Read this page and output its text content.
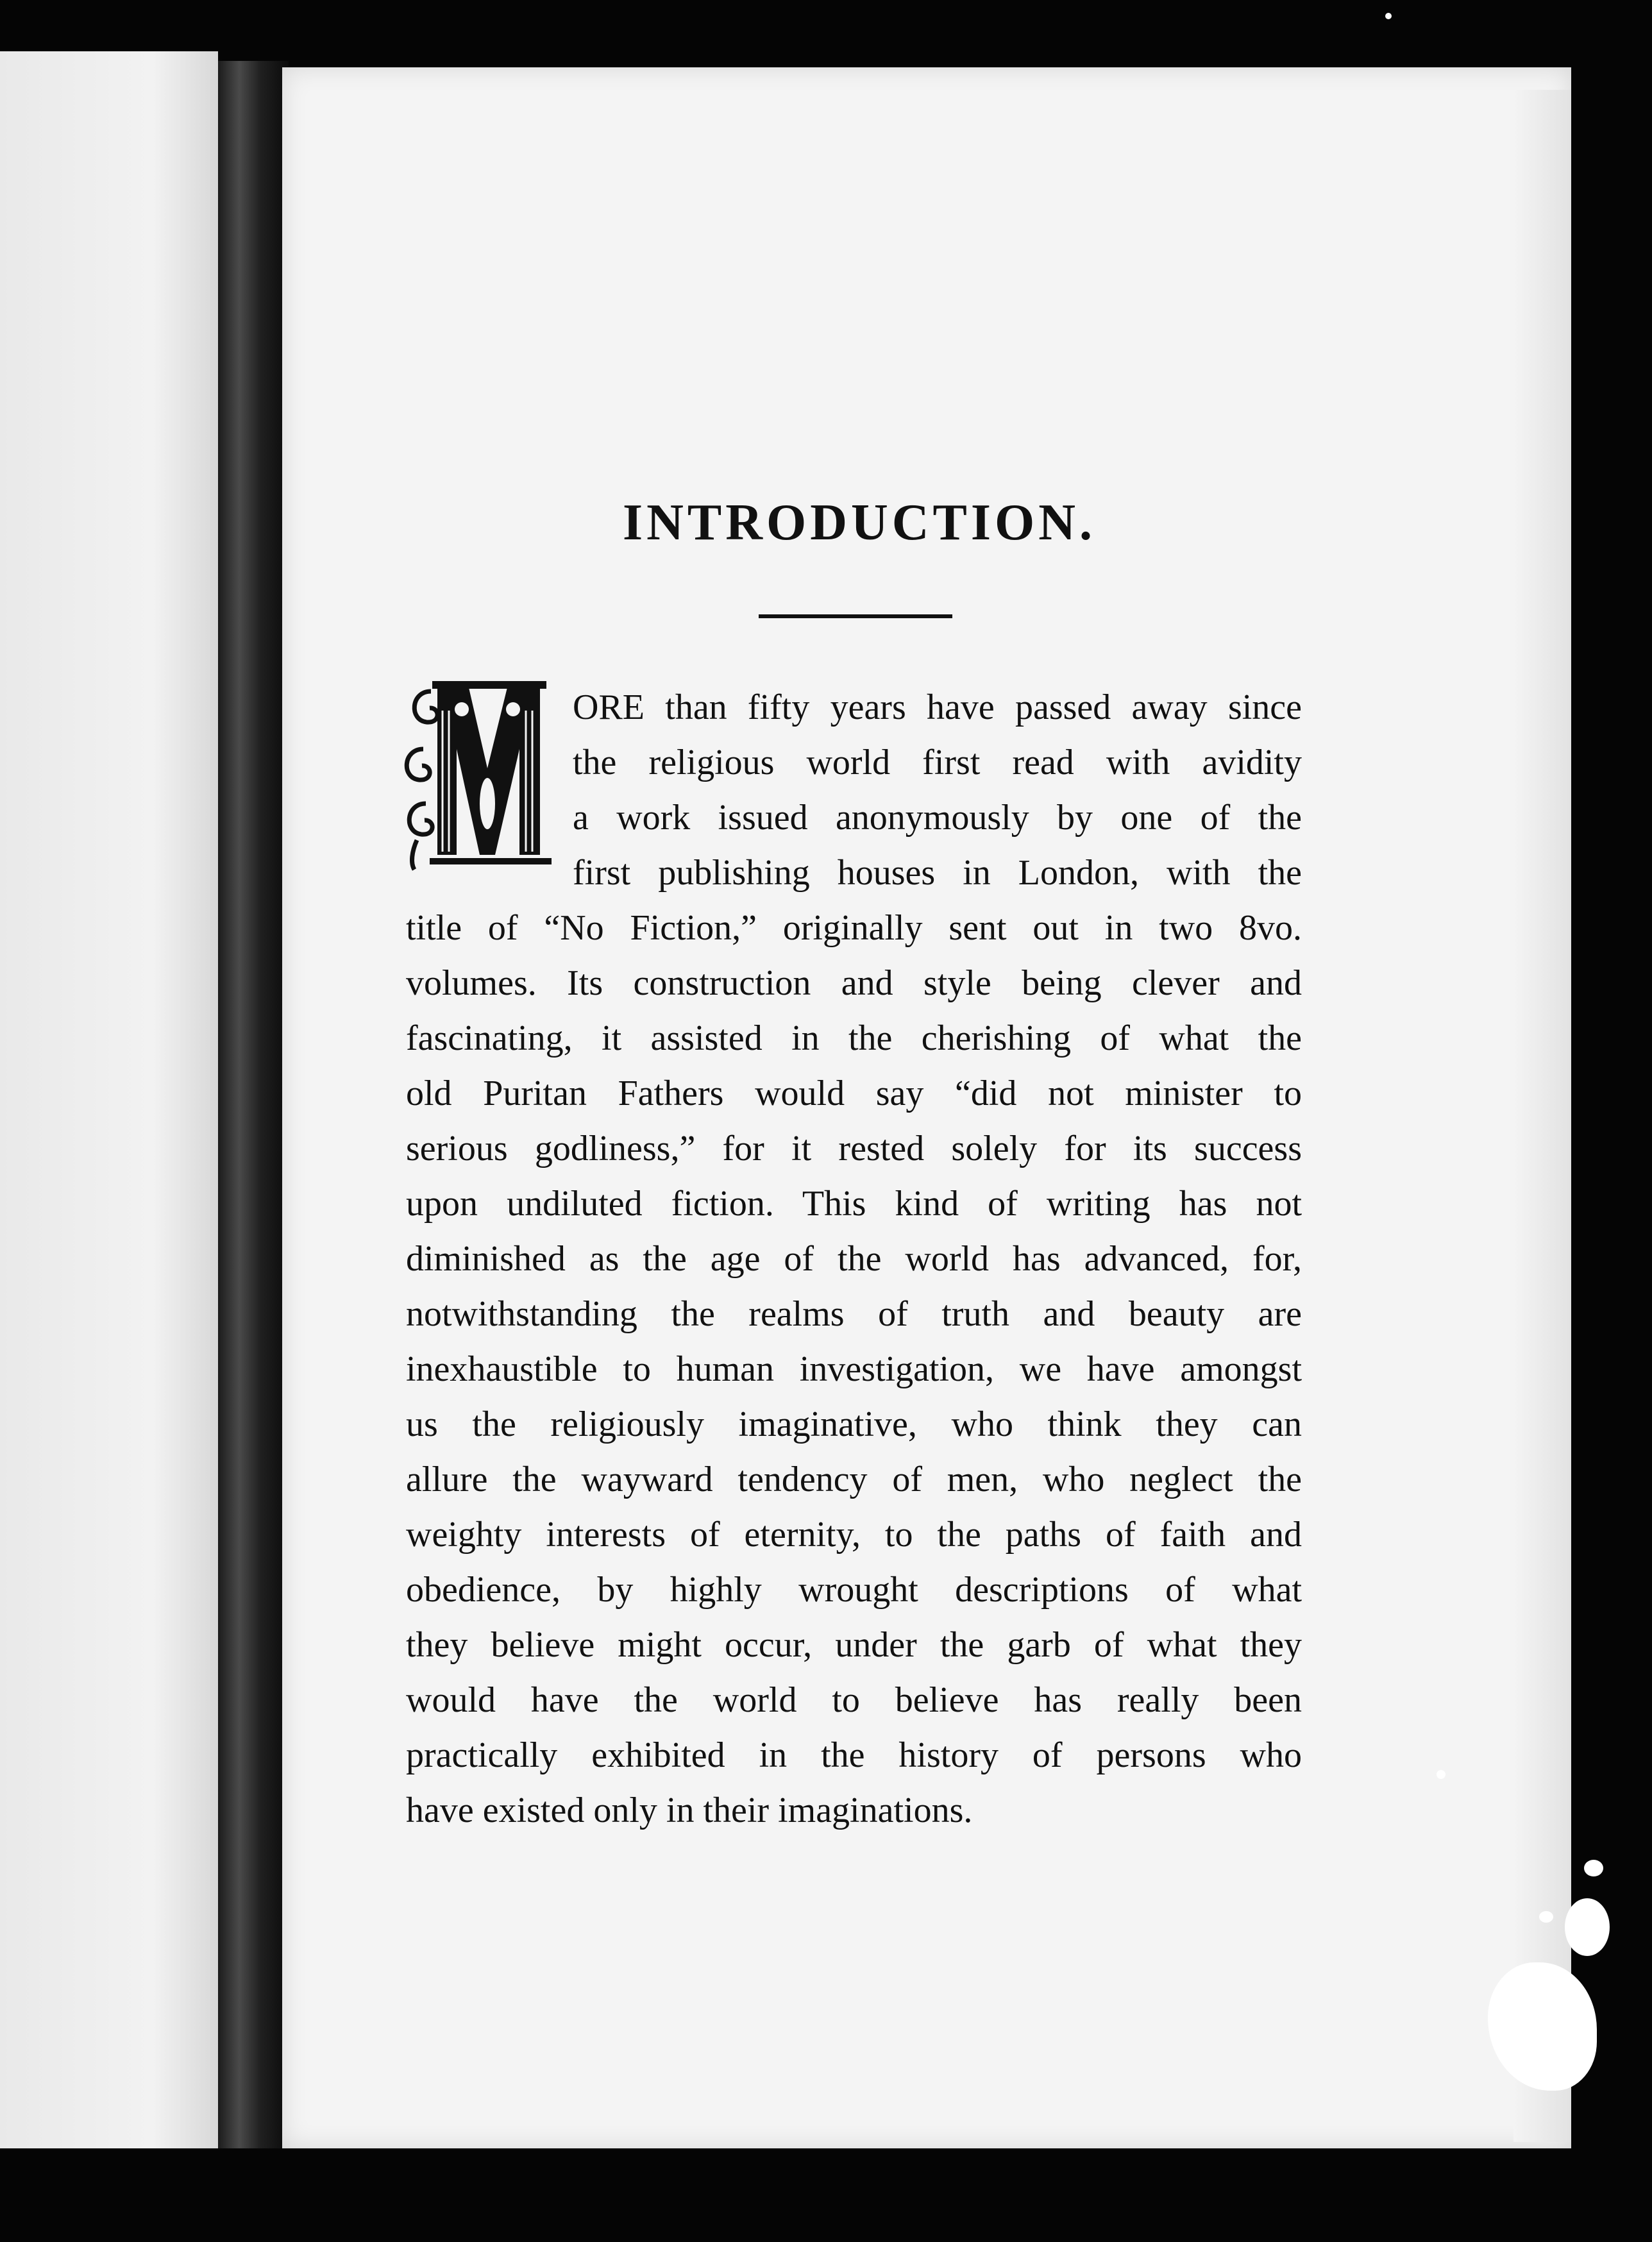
INTRODUCTION.
ORE than fifty years have passed away since
the religious world first read with avidity
a work issued anonymously by one of the
first publishing houses in London, with the
title of “No Fiction,” originally sent out in two 8vo.
volumes. Its construction and style being clever and
fascinating, it assisted in the cherishing of what the
old Puritan Fathers would say “did not minister to
serious godliness,” for it rested solely for its success
upon undiluted fiction. This kind of writing has not
diminished as the age of the world has advanced, for,
notwithstanding the realms of truth and beauty are
inexhaustible to human investigation, we have amongst
us the religiously imaginative, who think they can
allure the wayward tendency of men, who neglect the
weighty interests of eternity, to the paths of faith and
obedience, by highly wrought descriptions of what
they believe might occur, under the garb of what they
would have the world to believe has really been
practically exhibited in the history of persons who
have existed only in their imaginations.
